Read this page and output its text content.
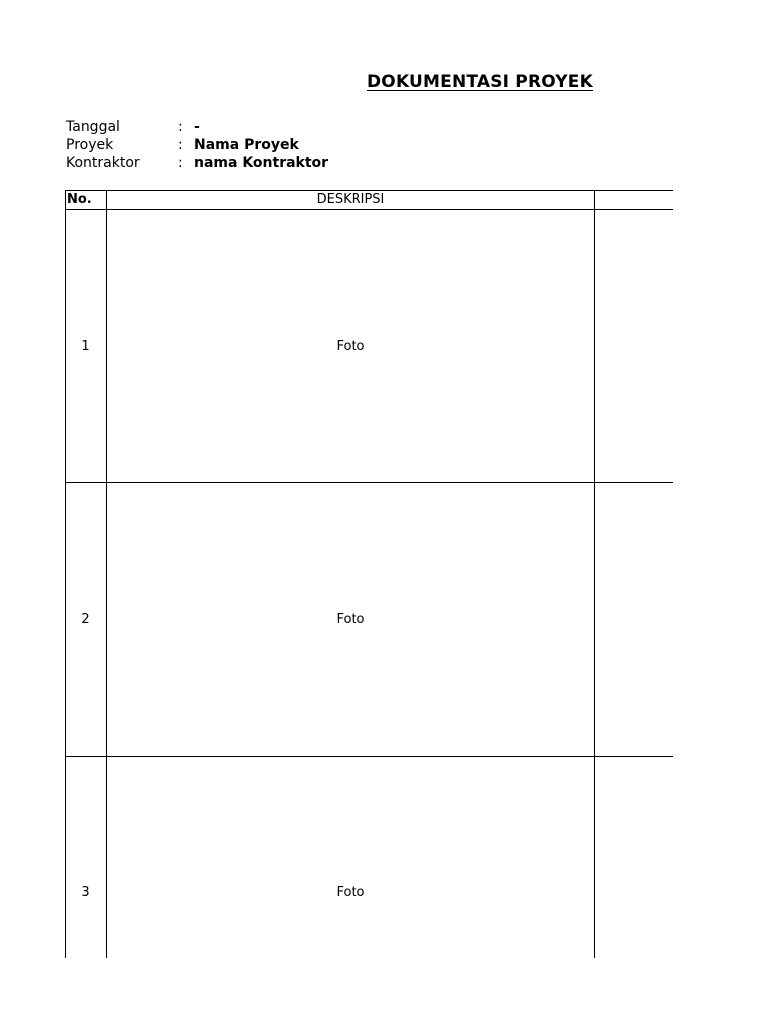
DOKUMENTASI PROYEK
Tanggal	: -
Proyek	: Nama Proyek
Kontraktor	: nama Kontraktor
No.	DESKRIPSI
1	Foto
2	Foto
3	Foto
